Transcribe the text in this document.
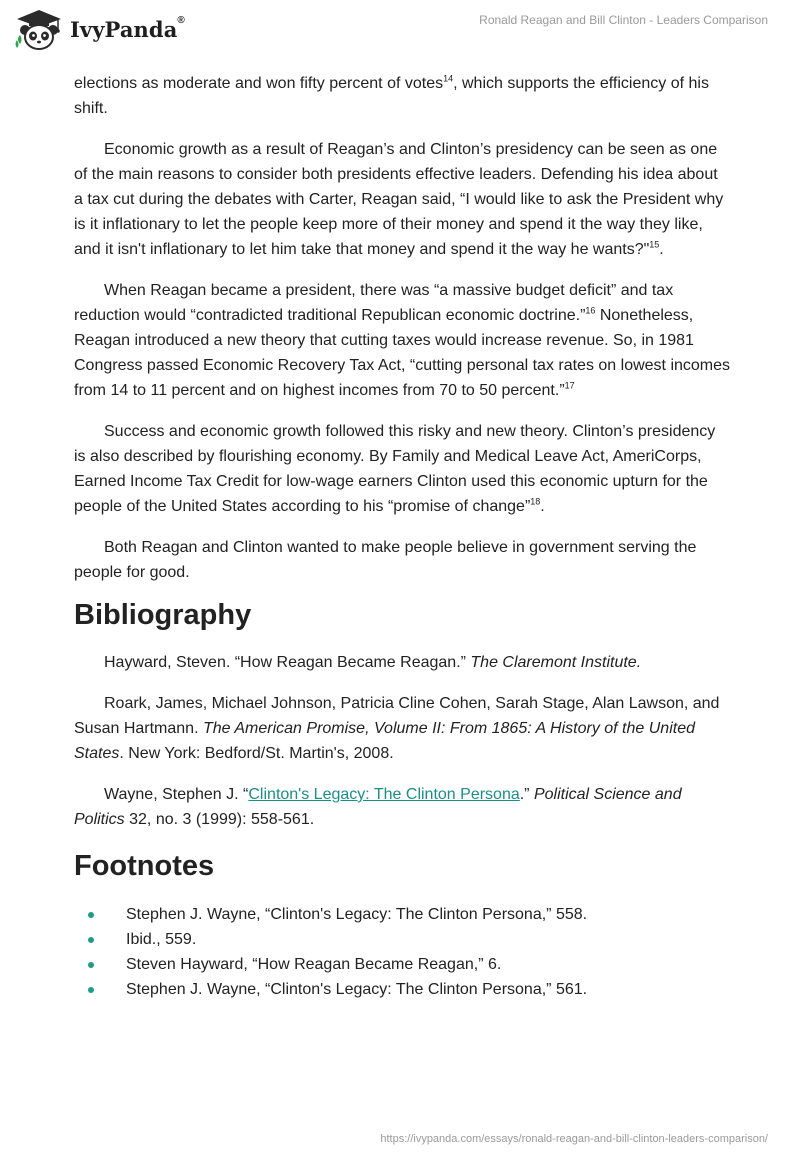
IvyPanda®	Ronald Reagan and Bill Clinton - Leaders Comparison

elections as moderate and won fifty percent of votes$^{14}$, which supports the efficiency of his shift.

Economic growth as a result of Reagan’s and Clinton’s presidency can be seen as one of the main reasons to consider both presidents effective leaders. Defending his idea about a tax cut during the debates with Carter, Reagan said, “I would like to ask the President why is it inflationary to let the people keep more of their money and spend it the way they like, and it isn't inflationary to let him take that money and spend it the way he wants?"$^{15}$.

When Reagan became a president, there was “a massive budget deficit” and tax reduction would “contradicted traditional Republican economic doctrine.”$^{16}$ Nonetheless, Reagan introduced a new theory that cutting taxes would increase revenue. So, in 1981 Congress passed Economic Recovery Tax Act, “cutting personal tax rates on lowest incomes from 14 to 11 percent and on highest incomes from 70 to 50 percent.”$^{17}$

Success and economic growth followed this risky and new theory. Clinton’s presidency is also described by flourishing economy. By Family and Medical Leave Act, AmeriCorps, Earned Income Tax Credit for low-wage earners Clinton used this economic upturn for the people of the United States according to his “promise of change”$^{18}$.

Both Reagan and Clinton wanted to make people believe in government serving the people for good.

Bibliography

Hayward, Steven. “How Reagan Became Reagan.” The Claremont Institute.

Roark, James, Michael Johnson, Patricia Cline Cohen, Sarah Stage, Alan Lawson, and Susan Hartmann. The American Promise, Volume II: From 1865: A History of the United States. New York: Bedford/St. Martin's, 2008.

Wayne, Stephen J. “Clinton's Legacy: The Clinton Persona.” Political Science and Politics 32, no. 3 (1999): 558-561.

Footnotes
Stephen J. Wayne, “Clinton's Legacy: The Clinton Persona,” 558.
Ibid., 559.
Steven Hayward, “How Reagan Became Reagan,” 6.
Stephen J. Wayne, “Clinton's Legacy: The Clinton Persona,” 561.
https://ivypanda.com/essays/ronald-reagan-and-bill-clinton-leaders-comparison/
